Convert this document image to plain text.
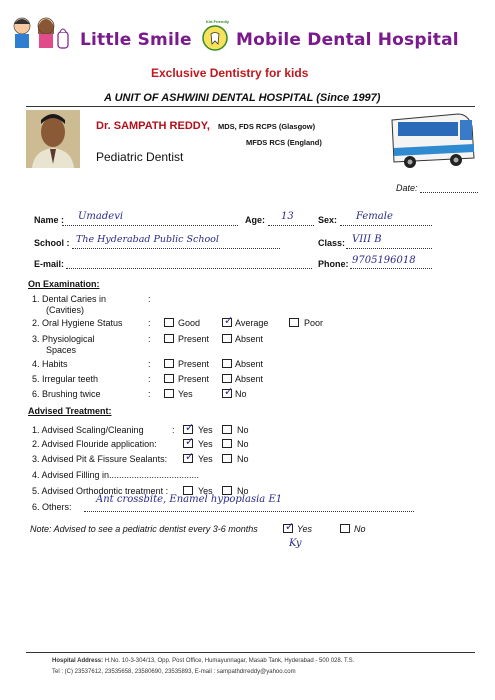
Little Smile
Kid Friendly
Mobile Dental Hospital
Exclusive Dentistry for kids
A UNIT OF ASHWINI DENTAL HOSPITAL (Since 1997)
Dr. SAMPATH REDDY, MDS, FDS RCPS (Glasgow)
MFDS RCS (England)
Pediatric Dentist
Date:
Name : Umadevi	Age: 13	Sex: Female
School : The Hyderabad Public School	Class: VIII B
E-mail:	Phone: 9705196018
On Examination:
1. Dental Caries in
(Cavities)
:
2. Oral Hygiene Status	:	Good ✓	Average	Poor
3. Physiological
Spaces
:	Present	Absent
4. Habits	:	Present	Absent
5. Irregular teeth	:	Present	Absent
6. Brushing twice	:	Yes ✓	No
Advised Treatment:
1. Advised Scaling/Cleaning	: ✓	Yes	No
2. Advised Flouride application: ✓	Yes	No
3. Advised Pit & Fissure Sealants: ✓	Yes	No
4. Advised Filling in....................................
5. Advised Orthodontic treatment :	Yes	No
6. Others:
Ant crossbite, Enamel hypoplasia E1
Note: Advised to see a pediatric dentist every 3-6 months ✓	Yes	No
Ky
Hospital Address: H.No. 10-3-304/13, Opp. Post Office, Humayunnagar, Masab Tank, Hyderabad - 500 028. T.S.
Tel : (C) 23537612, 23535658, 23580690, 23535893, E-mail : sampathdrreddy@yahoo.com
